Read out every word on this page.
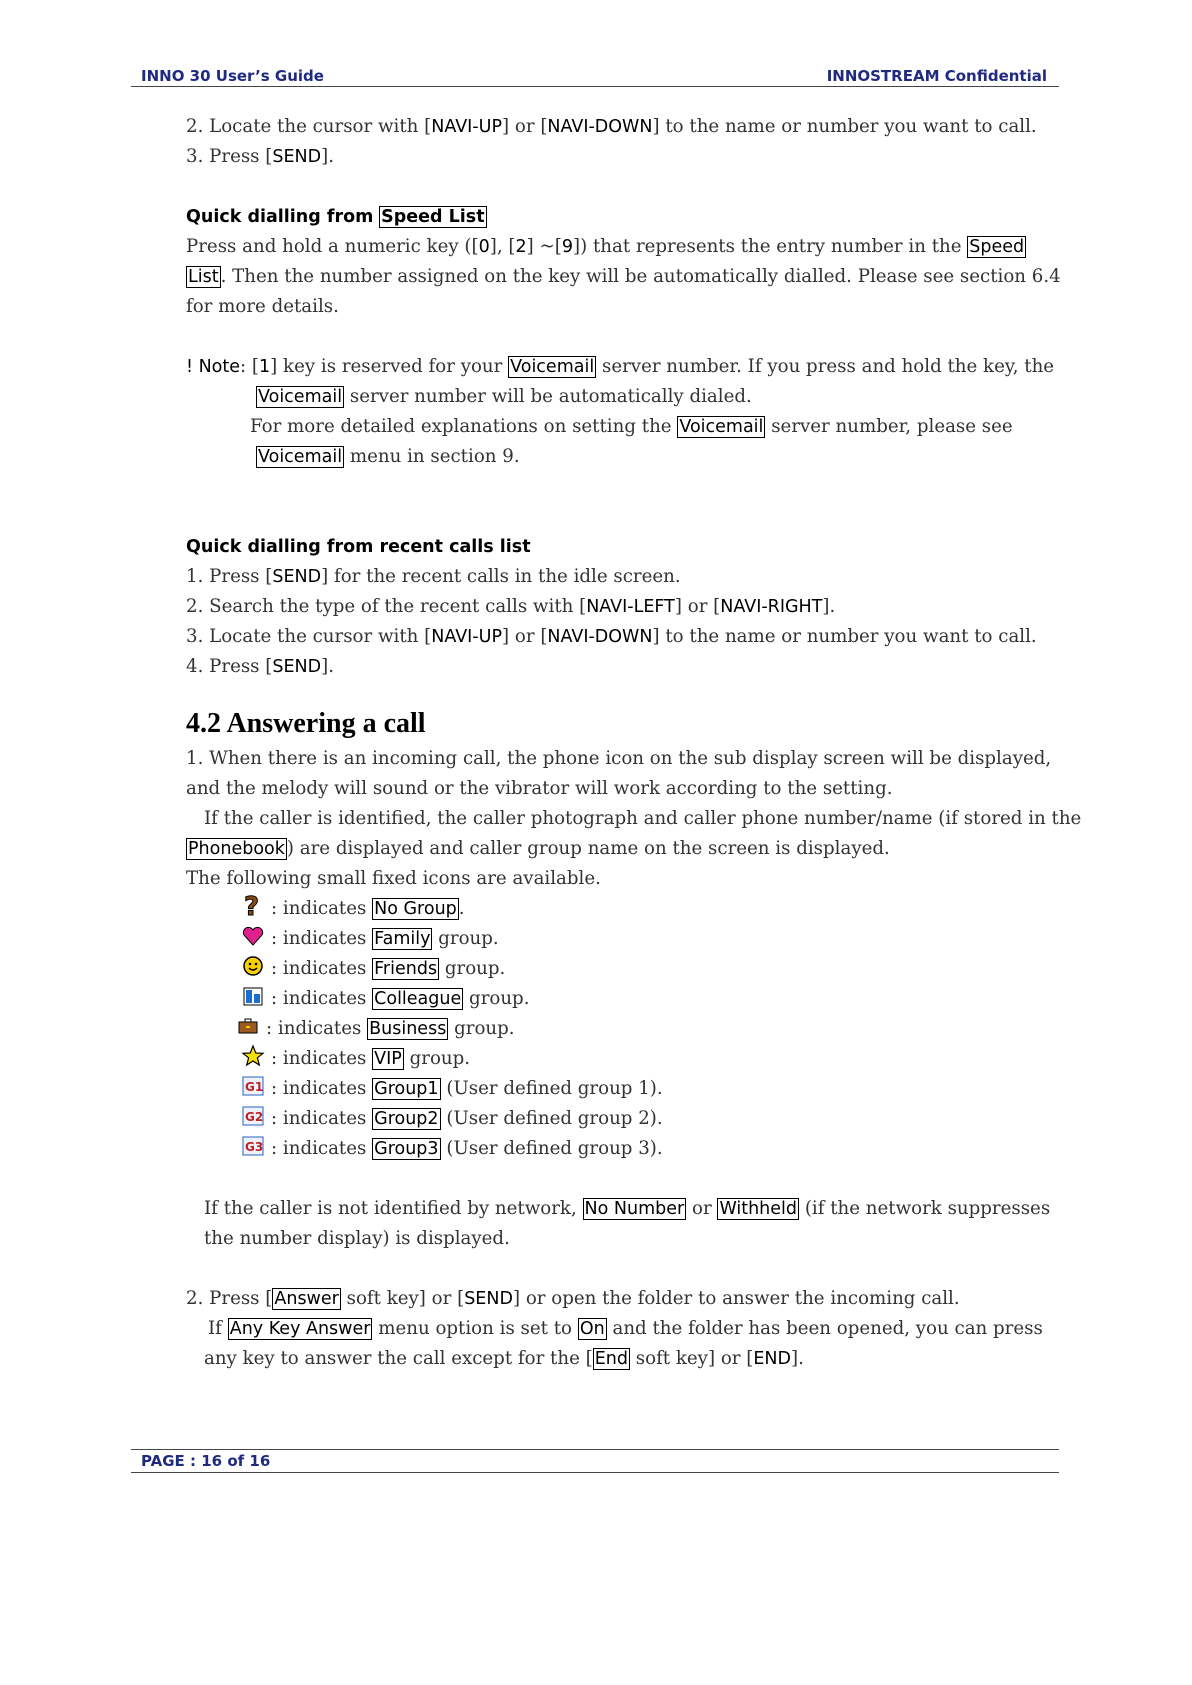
INNO 30 User’s Guide	INNOSTREAM Confidential
2. Locate the cursor with [NAVI-UP] or [NAVI-DOWN] to the name or number you want to call.
3. Press [SEND].
Quick dialling from Speed List
Press and hold a numeric key ([0], [2] ~[9]) that represents the entry number in the Speed
List . Then the number assigned on the key will be automatically dialled. Please see section 6.4
for more details.
! Note: [1] key is reserved for your Voicemail server number. If you press and hold the key, the
Voicemail server number will be automatically dialed.
For more detailed explanations on setting the Voicemail server number, please see
Voicemail menu in section 9.
Quick dialling from recent calls list
1. Press [SEND] for the recent calls in the idle screen.
2. Search the type of the recent calls with [NAVI-LEFT] or [NAVI-RIGHT].
3. Locate the cursor with [NAVI-UP] or [NAVI-DOWN] to the name or number you want to call.
4. Press [SEND].
4.2 Answering a call
1. When there is an incoming call, the phone icon on the sub display screen will be displayed,
and the melody will sound or the vibrator will work according to the setting.
If the caller is identified, the caller photograph and caller phone number/name (if stored in the
Phonebook ) are displayed and caller group name on the screen is displayed.
The following small fixed icons are available.
? : indicates No Group .
: indicates Family group.
: indicates Friends group.
: indicates Colleague group.
: indicates Business group.
: indicates VIP group.
G1 : indicates Group1 (User defined group 1).
G2 : indicates Group2 (User defined group 2).
G3 : indicates Group3 (User defined group 3).
If the caller is not identified by network, No Number or Withheld (if the network suppresses
the number display) is displayed.
2. Press [ Answer soft key] or [SEND] or open the folder to answer the incoming call.
If Any Key Answer menu option is set to On and the folder has been opened, you can press
any key to answer the call except for the [ End soft key] or [END].
PAGE : 16 of 16
